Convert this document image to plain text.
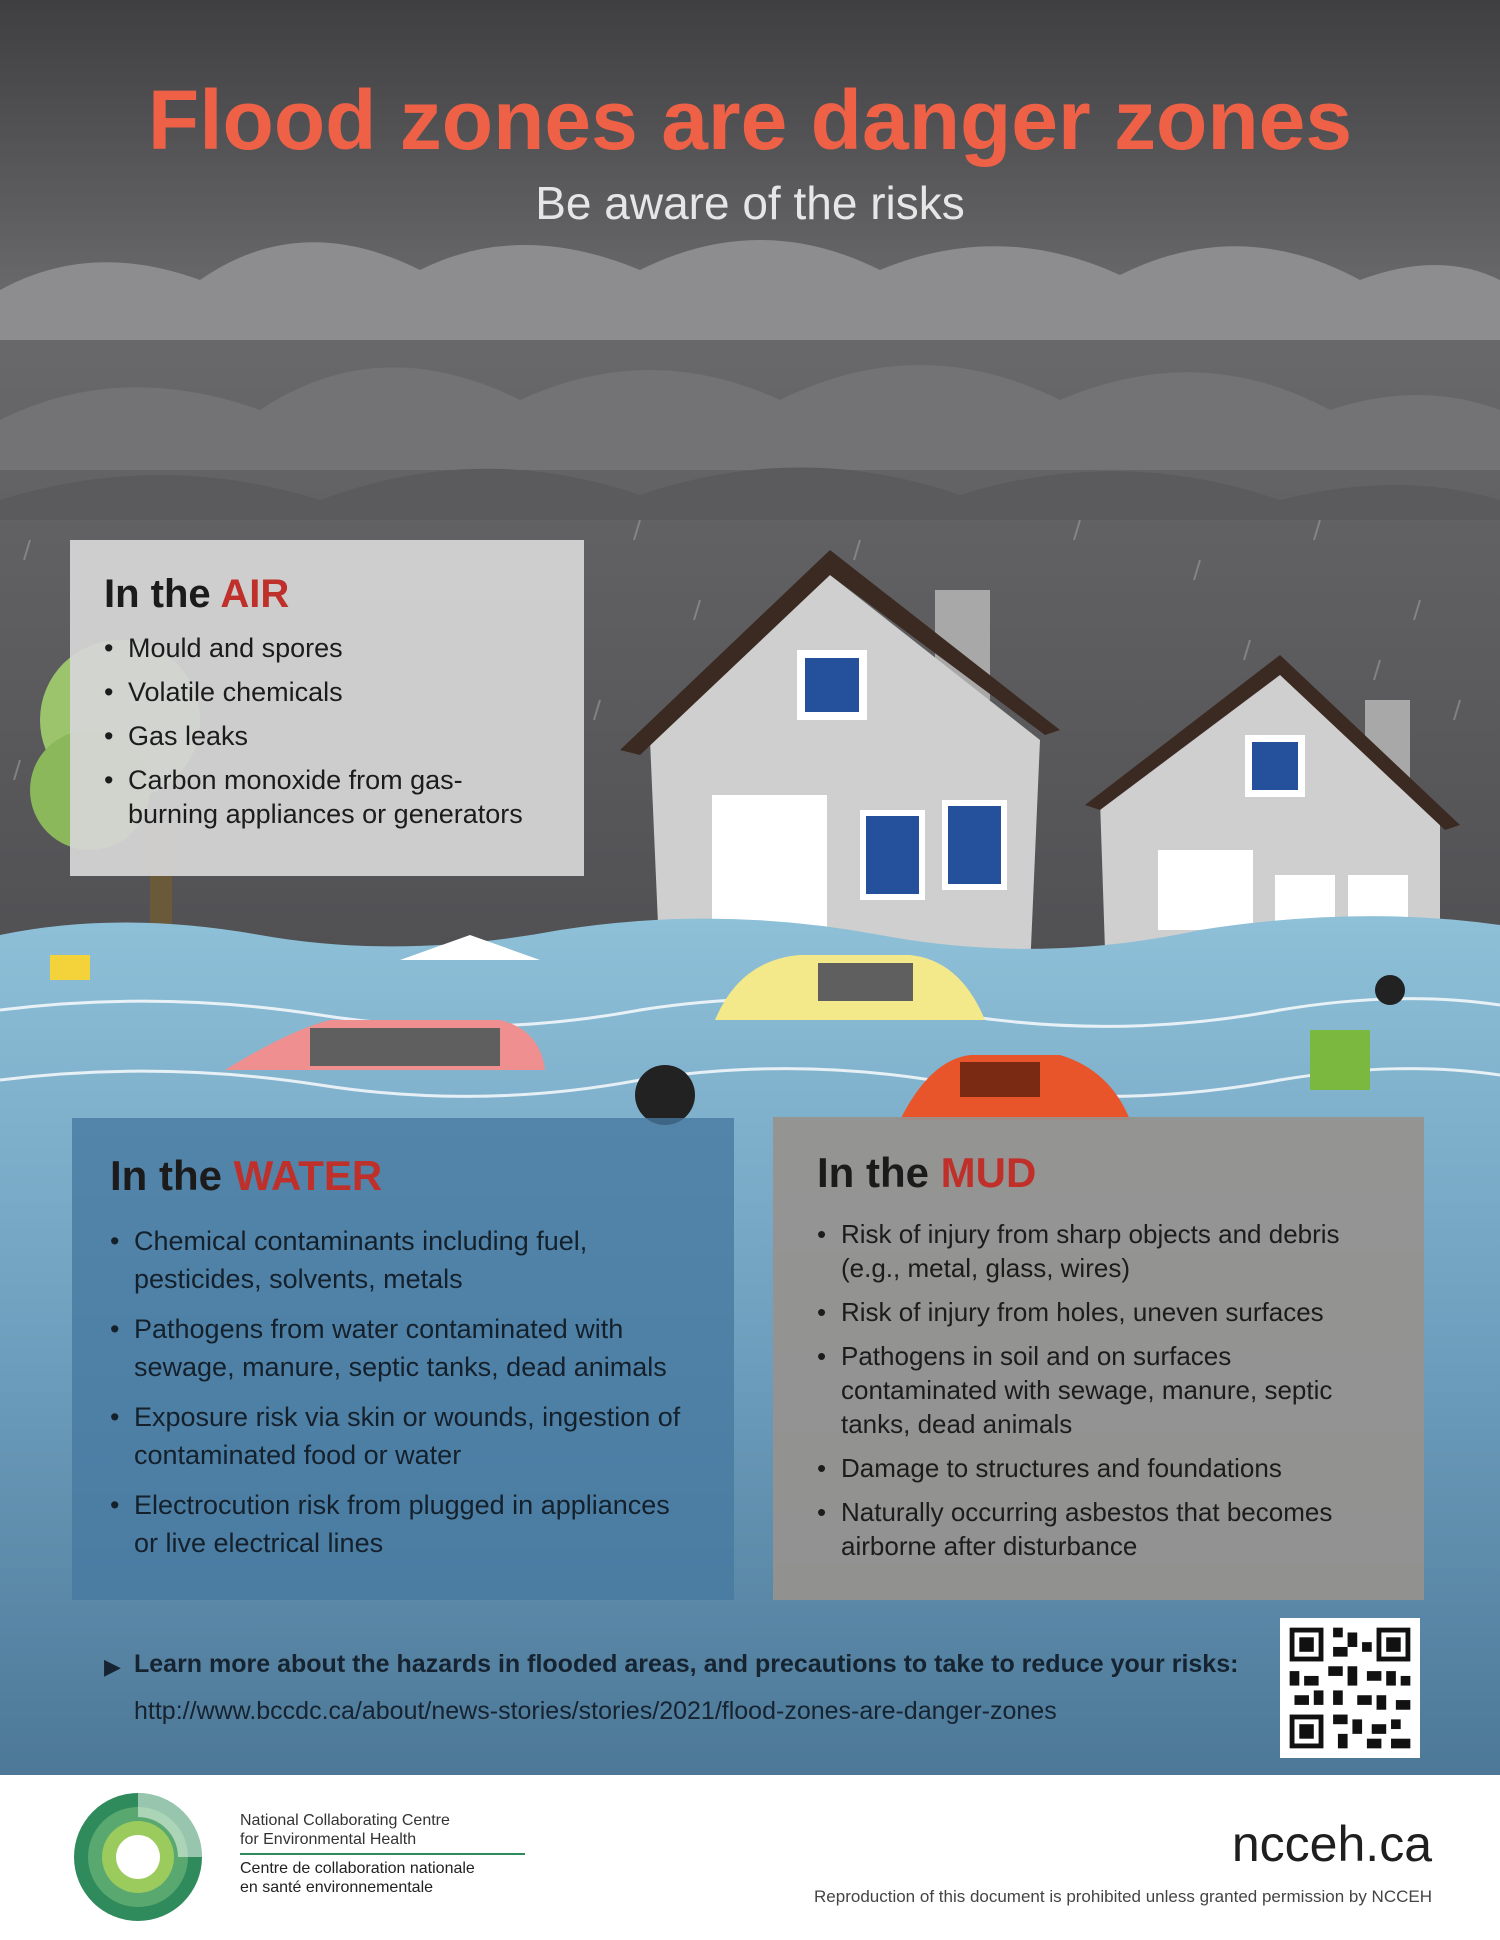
Flood zones are danger zones
Be aware of the risks
In the AIR
• Mould and spores
• Volatile chemicals
• Gas leaks
• Carbon monoxide from gas-burning appliances or generators
In the WATER
• Chemical contaminants including fuel, pesticides, solvents, metals
• Pathogens from water contaminated with sewage, manure, septic tanks, dead animals
• Exposure risk via skin or wounds, ingestion of contaminated food or water
• Electrocution risk from plugged in appliances or live electrical lines
In the MUD
• Risk of injury from sharp objects and debris (e.g., metal, glass, wires)
• Risk of injury from holes, uneven surfaces
• Pathogens in soil and on surfaces contaminated with sewage, manure, septic tanks, dead animals
• Damage to structures and foundations
• Naturally occurring asbestos that becomes airborne after disturbance
▶ Learn more about the hazards in flooded areas, and precautions to take to reduce your risks:
http://www.bccdc.ca/about/news-stories/stories/2021/flood-zones-are-danger-zones
National Collaborating Centre
for Environmental Health
Centre de collaboration nationale
en santé environnementale
ncceh.ca
Reproduction of this document is prohibited unless granted permission by NCCEH
